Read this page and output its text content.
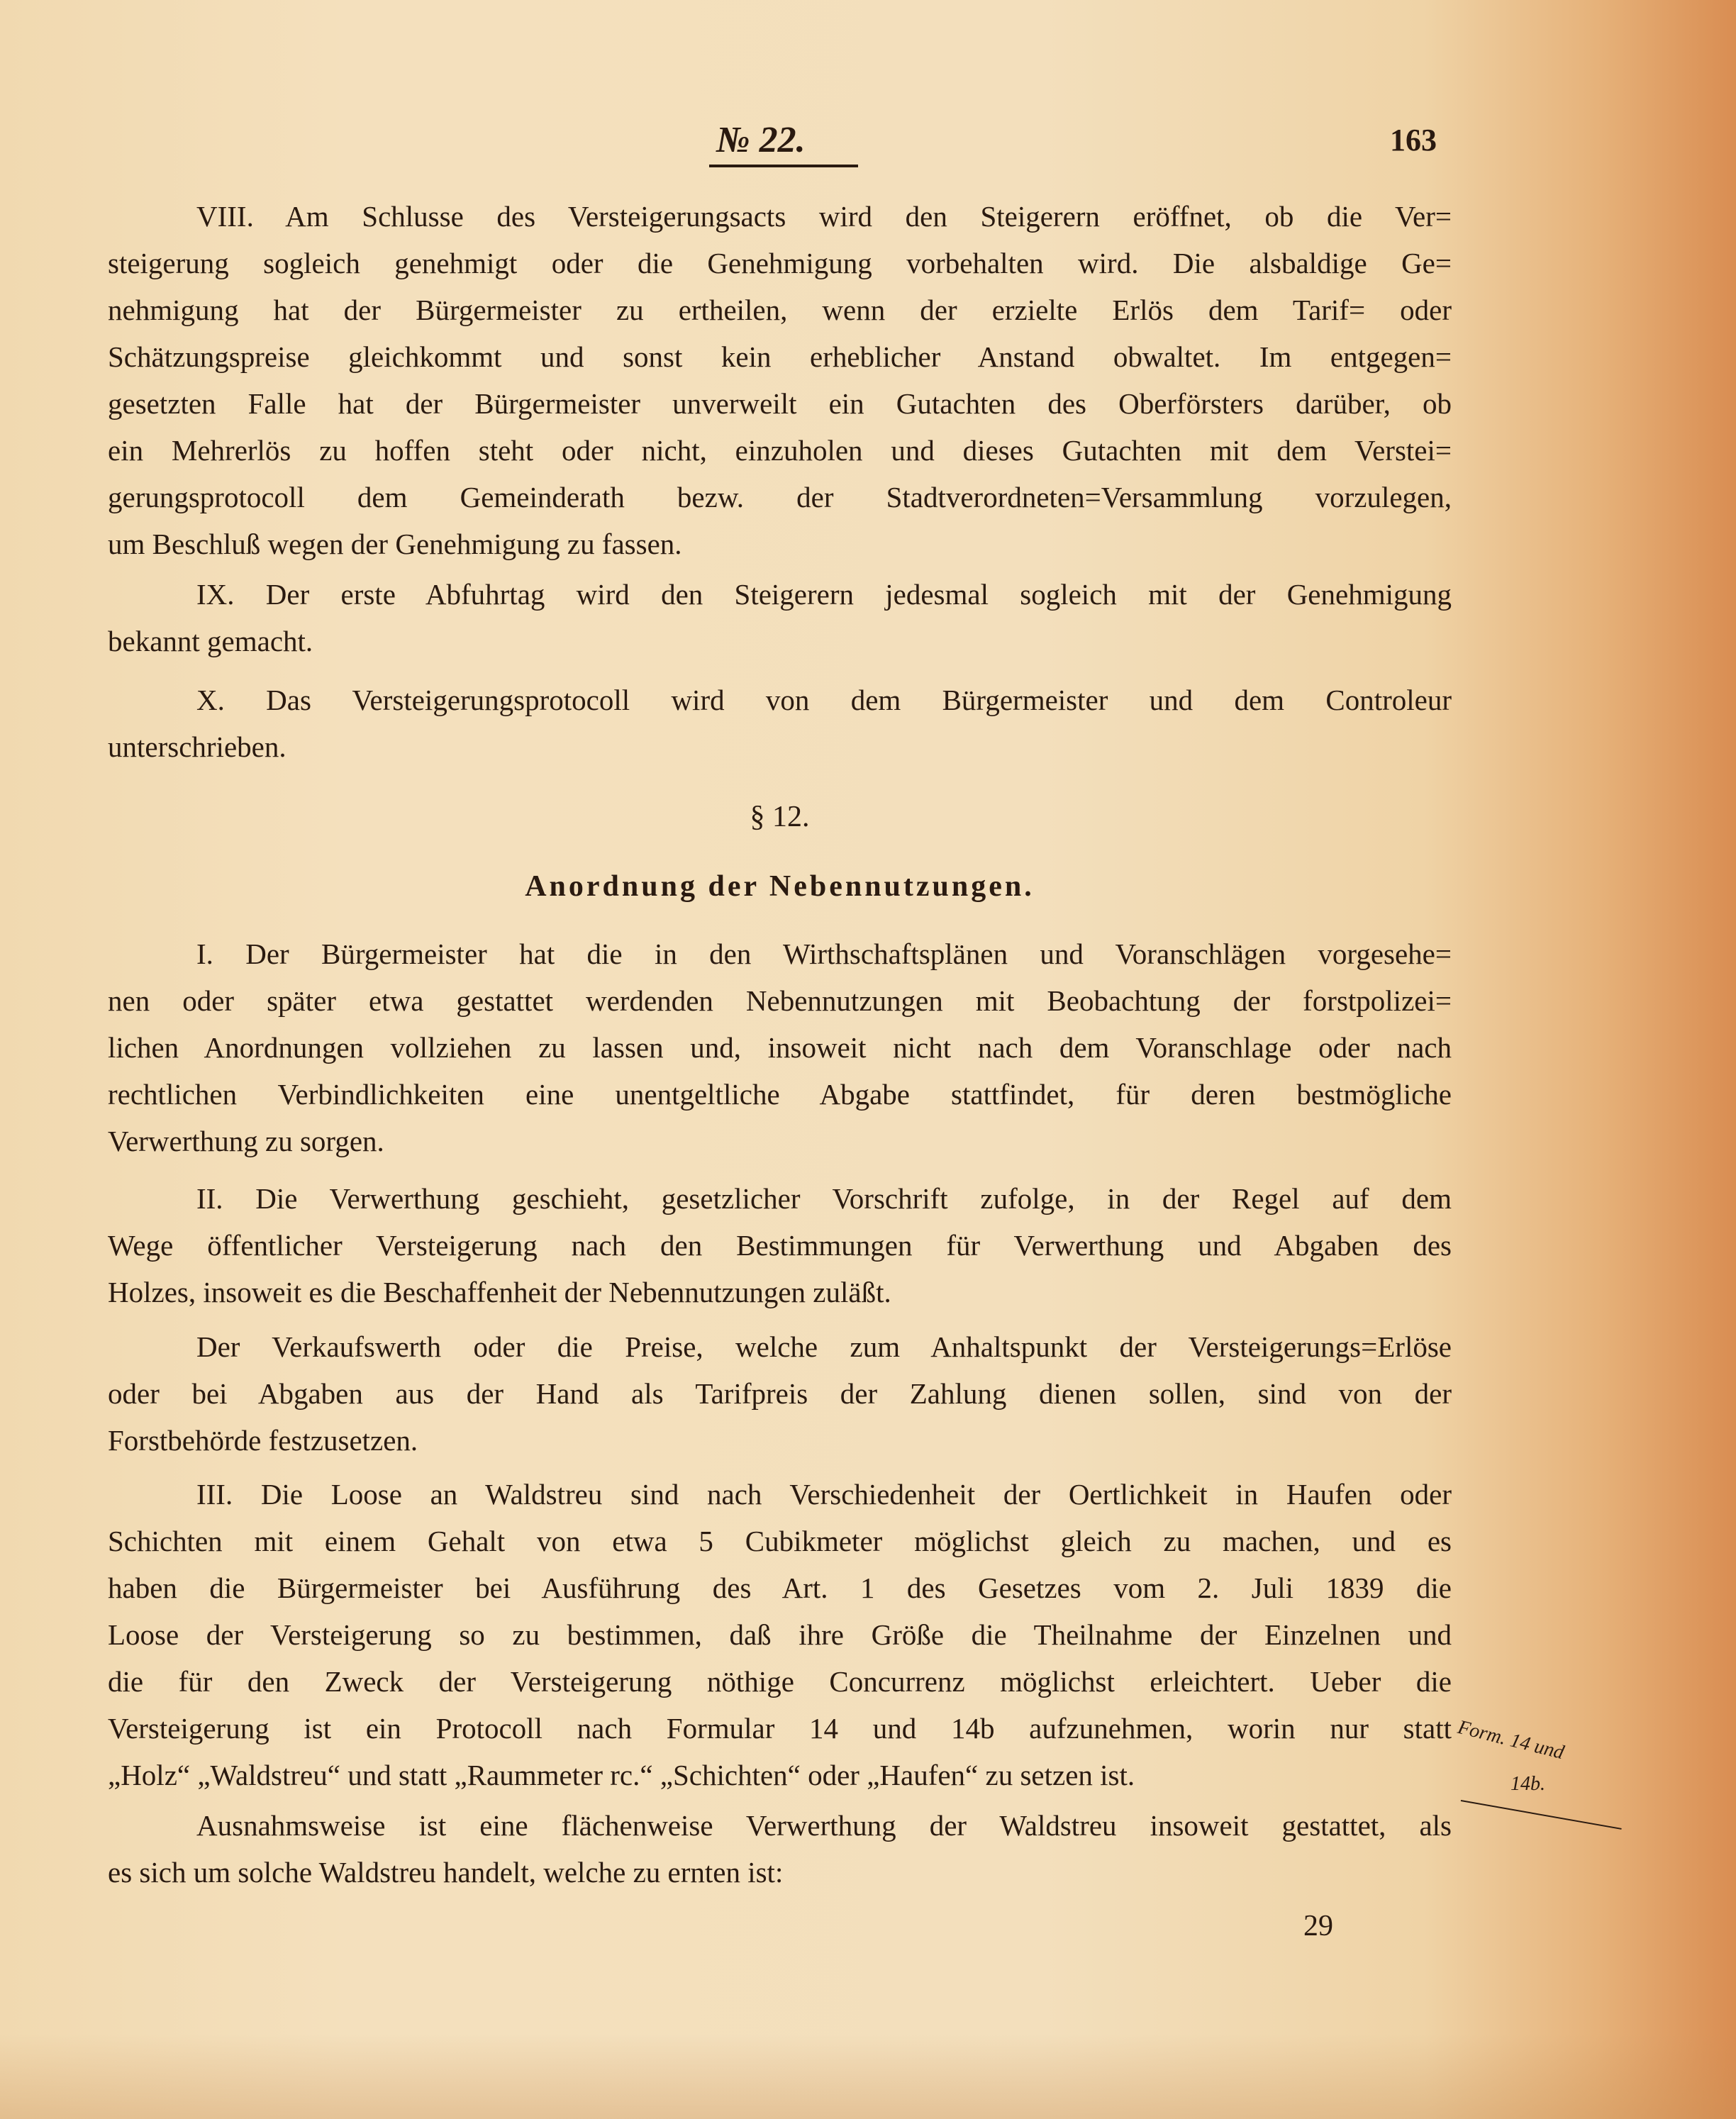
№ 22.	163
VIII. Am Schlusse des Versteigerungsacts wird den Steigerern eröffnet, ob die Ver=
steigerung sogleich genehmigt oder die Genehmigung vorbehalten wird. Die alsbaldige Ge=
nehmigung hat der Bürgermeister zu ertheilen, wenn der erzielte Erlös dem Tarif= oder
Schätzungspreise gleichkommt und sonst kein erheblicher Anstand obwaltet. Im entgegen=
gesetzten Falle hat der Bürgermeister unverweilt ein Gutachten des Oberförsters darüber, ob
ein Mehrerlös zu hoffen steht oder nicht, einzuholen und dieses Gutachten mit dem Verstei=
gerungsprotocoll dem Gemeinderath bezw. der Stadtverordneten=Versammlung vorzulegen,
um Beschluß wegen der Genehmigung zu fassen.
IX. Der erste Abfuhrtag wird den Steigerern jedesmal sogleich mit der Genehmigung
bekannt gemacht.
X. Das Versteigerungsprotocoll wird von dem Bürgermeister und dem Controleur
unterschrieben.
I. Der Bürgermeister hat die in den Wirthschaftsplänen und Voranschlägen vorgesehe=
nen oder später etwa gestattet werdenden Nebennutzungen mit Beobachtung der forstpolizei=
lichen Anordnungen vollziehen zu lassen und, insoweit nicht nach dem Voranschlage oder nach
rechtlichen Verbindlichkeiten eine unentgeltliche Abgabe stattfindet, für deren bestmögliche
Verwerthung zu sorgen.
II. Die Verwerthung geschieht, gesetzlicher Vorschrift zufolge, in der Regel auf dem
Wege öffentlicher Versteigerung nach den Bestimmungen für Verwerthung und Abgaben des
Holzes, insoweit es die Beschaffenheit der Nebennutzungen zuläßt.
Der Verkaufswerth oder die Preise, welche zum Anhaltspunkt der Versteigerungs=Erlöse
oder bei Abgaben aus der Hand als Tarifpreis der Zahlung dienen sollen, sind von der
Forstbehörde festzusetzen.
III. Die Loose an Waldstreu sind nach Verschiedenheit der Oertlichkeit in Haufen oder
Schichten mit einem Gehalt von etwa 5 Cubikmeter möglichst gleich zu machen, und es
haben die Bürgermeister bei Ausführung des Art. 1 des Gesetzes vom 2. Juli 1839 die
Loose der Versteigerung so zu bestimmen, daß ihre Größe die Theilnahme der Einzelnen und
die für den Zweck der Versteigerung nöthige Concurrenz möglichst erleichtert. Ueber die
Versteigerung ist ein Protocoll nach Formular 14 und 14b aufzunehmen, worin nur statt
„Holz“ „Waldstreu“ und statt „Raummeter rc.“ „Schichten“ oder „Haufen“ zu setzen ist.
Ausnahmsweise ist eine flächenweise Verwerthung der Waldstreu insoweit gestattet, als
es sich um solche Waldstreu handelt, welche zu ernten ist:
§ 12.
Anordnung der Nebennutzungen.
Form. 14 und
14b.
29
